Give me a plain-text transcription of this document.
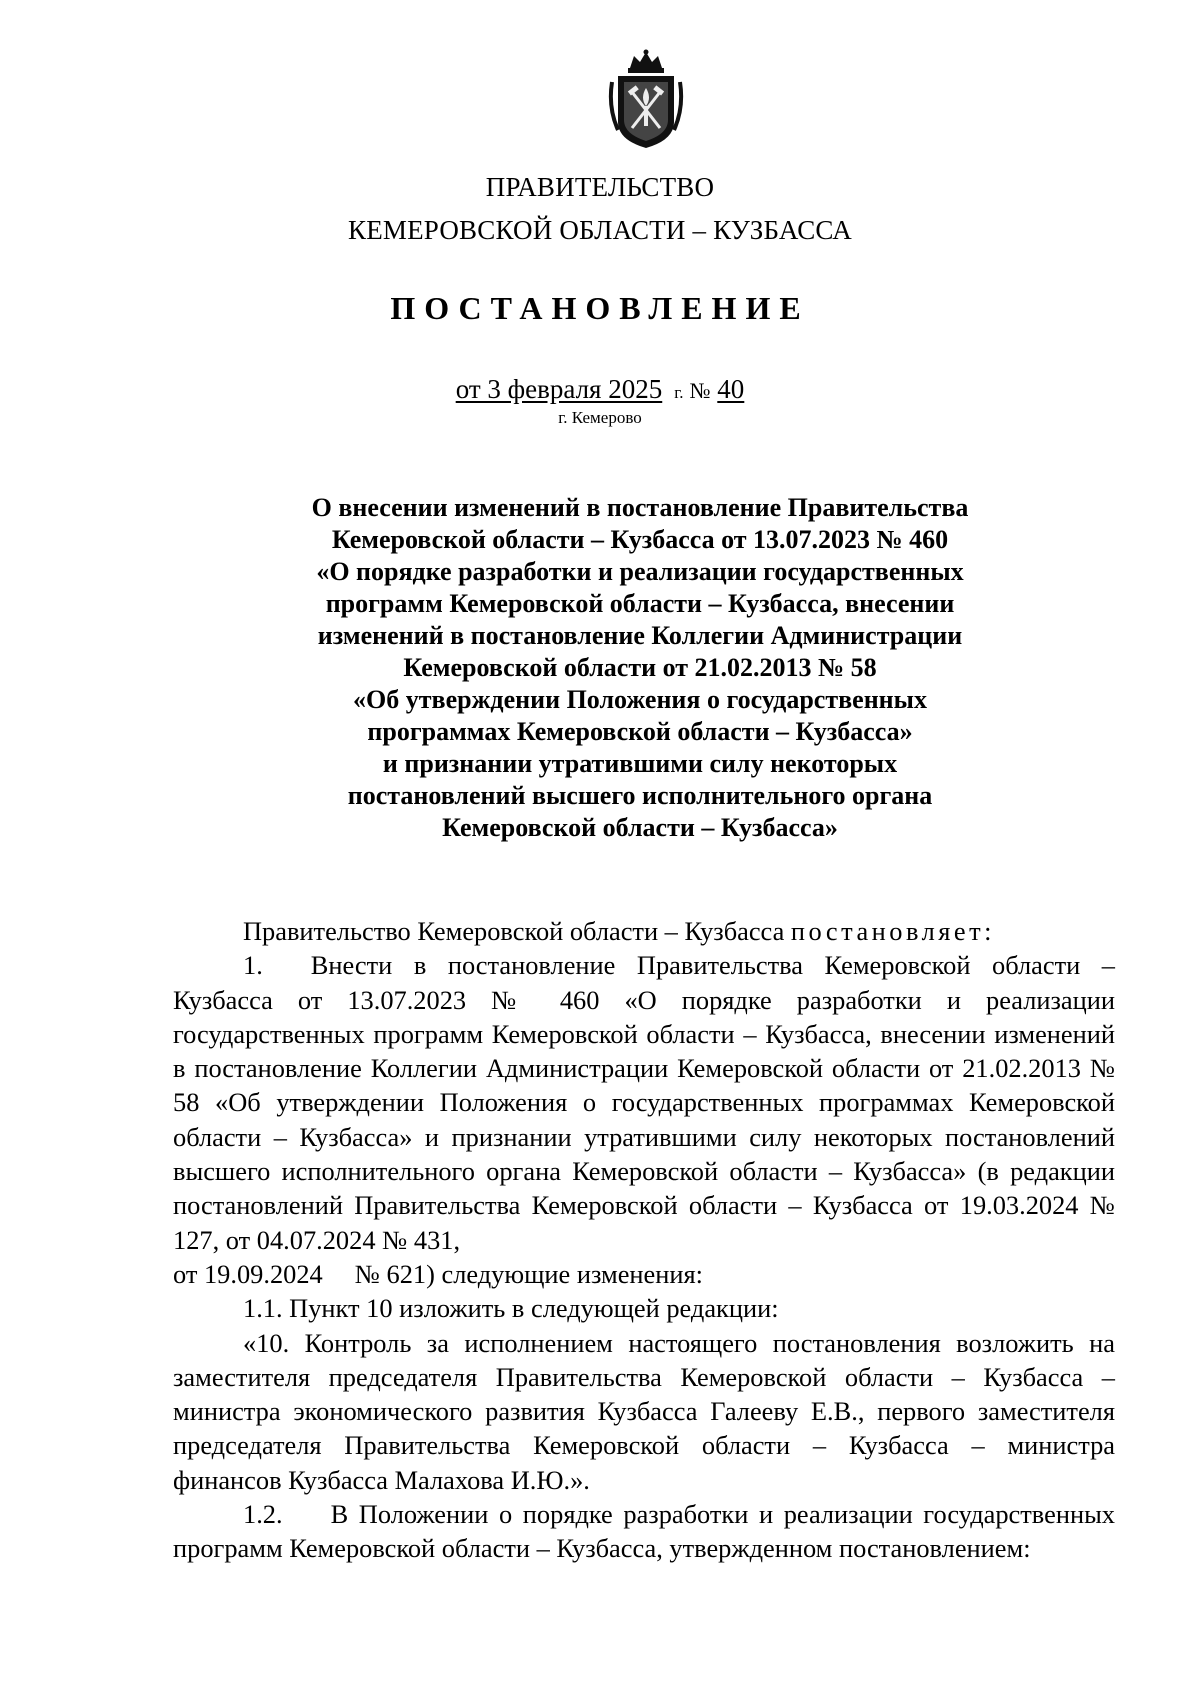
ПРАВИТЕЛЬСТВО
КЕМЕРОВСКОЙ ОБЛАСТИ – КУЗБАССА
ПОСТАНОВЛЕНИЕ
от 3 февраля 2025 г. № 40
г. Кемерово
О внесении изменений в постановление Правительства
Кемеровской области – Кузбасса от 13.07.2023 № 460
«О порядке разработки и реализации государственных
программ Кемеровской области – Кузбасса, внесении
изменений в постановление Коллегии Администрации
Кемеровской области от 21.02.2013 № 58
«Об утверждении Положения о государственных
программах Кемеровской области – Кузбасса»
и признании утратившими силу некоторых
постановлений высшего исполнительного органа
Кемеровской области – Кузбасса»
Правительство Кемеровской области – Кузбасса постановляет:
1. Внести в постановление Правительства Кемеровской области – Кузбасса от 13.07.2023 № 460 «О порядке разработки и реализации государственных программ Кемеровской области – Кузбасса, внесении изменений в постановление Коллегии Администрации Кемеровской области от 21.02.2013 № 58 «Об утверждении Положения о государственных программах Кемеровской области – Кузбасса» и признании утратившими силу некоторых постановлений высшего исполнительного органа Кемеровской области – Кузбасса» (в редакции постановлений Правительства Кемеровской области – Кузбасса от 19.03.2024 № 127, от 04.07.2024 № 431,
от 19.09.2024 № 621) следующие изменения:
1.1. Пункт 10 изложить в следующей редакции:
«10. Контроль за исполнением настоящего постановления возложить на заместителя председателя Правительства Кемеровской области – Кузбасса – министра экономического развития Кузбасса Галееву Е.В., первого заместителя председателя Правительства Кемеровской области – Кузбасса – министра финансов Кузбасса Малахова И.Ю.».
1.2. В Положении о порядке разработки и реализации государственных программ Кемеровской области – Кузбасса, утвержденном постановлением:
